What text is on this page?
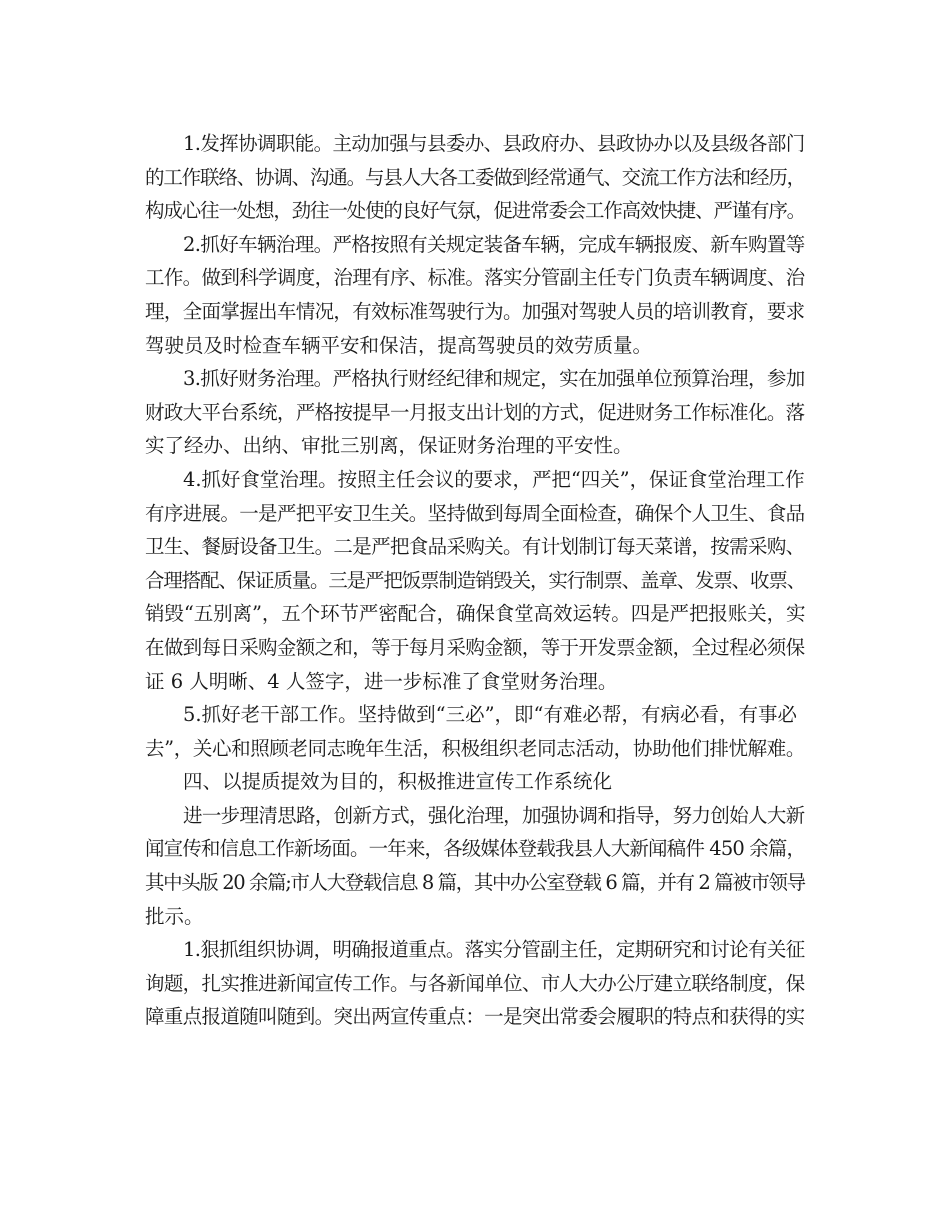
1.发挥协调职能。主动加强与县委办、县政府办、县政协办以及县级各部门
的工作联络、协调、沟通。与县人大各工委做到经常通气、交流工作方法和经历，
构成心往一处想，劲往一处使的良好气氛，促进常委会工作高效快捷、严谨有序。
2.抓好车辆治理。严格按照有关规定装备车辆，完成车辆报废、新车购置等
工作。做到科学调度，治理有序、标准。落实分管副主任专门负责车辆调度、治
理，全面掌握出车情况，有效标准驾驶行为。加强对驾驶人员的培训教育，要求
驾驶员及时检查车辆平安和保洁，提高驾驶员的效劳质量。
3.抓好财务治理。严格执行财经纪律和规定，实在加强单位预算治理，参加
财政大平台系统，严格按提早一月报支出计划的方式，促进财务工作标准化。落
实了经办、出纳、审批三别离，保证财务治理的平安性。
4.抓好食堂治理。按照主任会议的要求，严把“四关”，保证食堂治理工作
有序进展。一是严把平安卫生关。坚持做到每周全面检查，确保个人卫生、食品
卫生、餐厨设备卫生。二是严把食品采购关。有计划制订每天菜谱，按需采购、
合理搭配、保证质量。三是严把饭票制造销毁关，实行制票、盖章、发票、收票、
销毁“五别离”，五个环节严密配合，确保食堂高效运转。四是严把报账关，实
在做到每日采购金额之和，等于每月采购金额，等于开发票金额，全过程必须保
证 6 人明晰、4 人签字，进一步标准了食堂财务治理。
5.抓好老干部工作。坚持做到“三必”，即“有难必帮，有病必看，有事必
去”，关心和照顾老同志晚年生活，积极组织老同志活动，协助他们排忧解难。
四、以提质提效为目的，积极推进宣传工作系统化
进一步理清思路，创新方式，强化治理，加强协调和指导，努力创始人大新
闻宣传和信息工作新场面。一年来，各级媒体登载我县人大新闻稿件 450 余篇，
其中头版 20 余篇;市人大登载信息 8 篇，其中办公室登载 6 篇，并有 2 篇被市领导
批示。
1.狠抓组织协调，明确报道重点。落实分管副主任，定期研究和讨论有关征
询题，扎实推进新闻宣传工作。与各新闻单位、市人大办公厅建立联络制度，保
障重点报道随叫随到。突出两宣传重点：一是突出常委会履职的特点和获得的实
